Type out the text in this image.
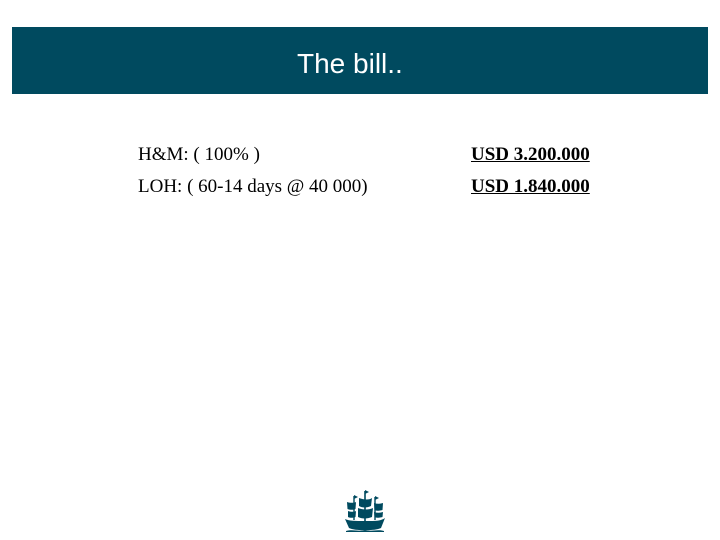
The bill..
H&M: ( 100% )	USD 3.200.000
LOH: ( 60-14 days @ 40 000)	USD 1.840.000
